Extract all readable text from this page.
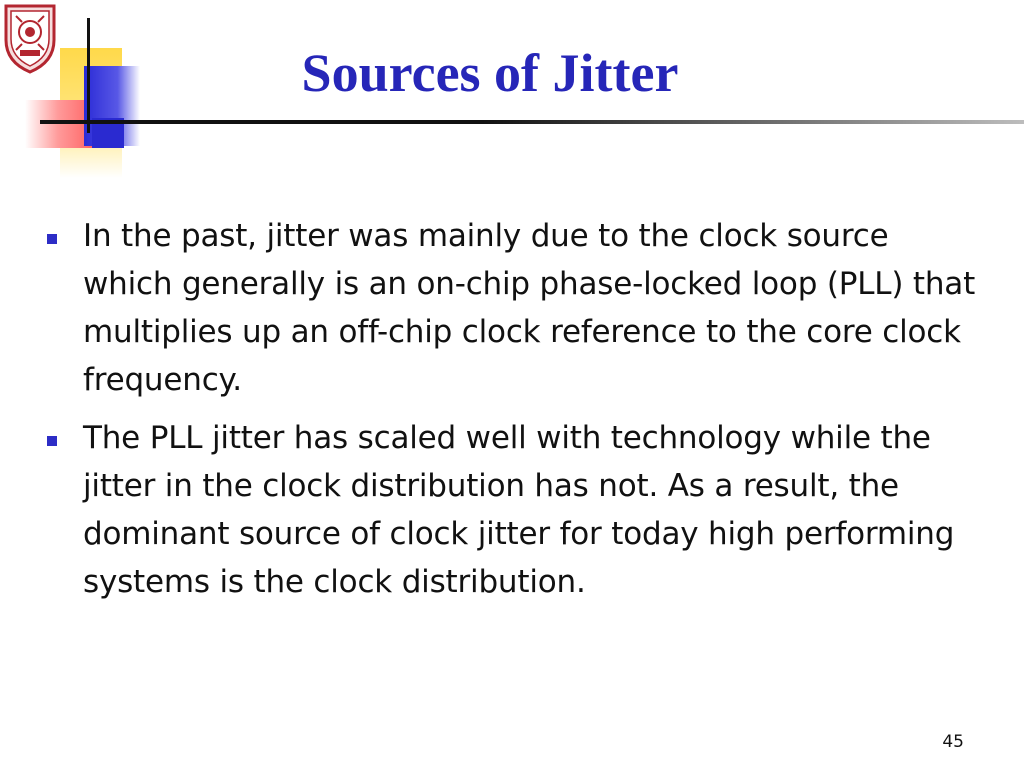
Sources of Jitter
In the past, jitter was mainly due to the clock source which generally is an on-chip phase-locked loop (PLL) that multiplies up an off-chip clock reference to the core clock frequency.
The PLL jitter has scaled well with technology while the jitter in the clock distribution has not. As a result, the dominant source of clock jitter for today high performing systems is the clock distribution.
45
